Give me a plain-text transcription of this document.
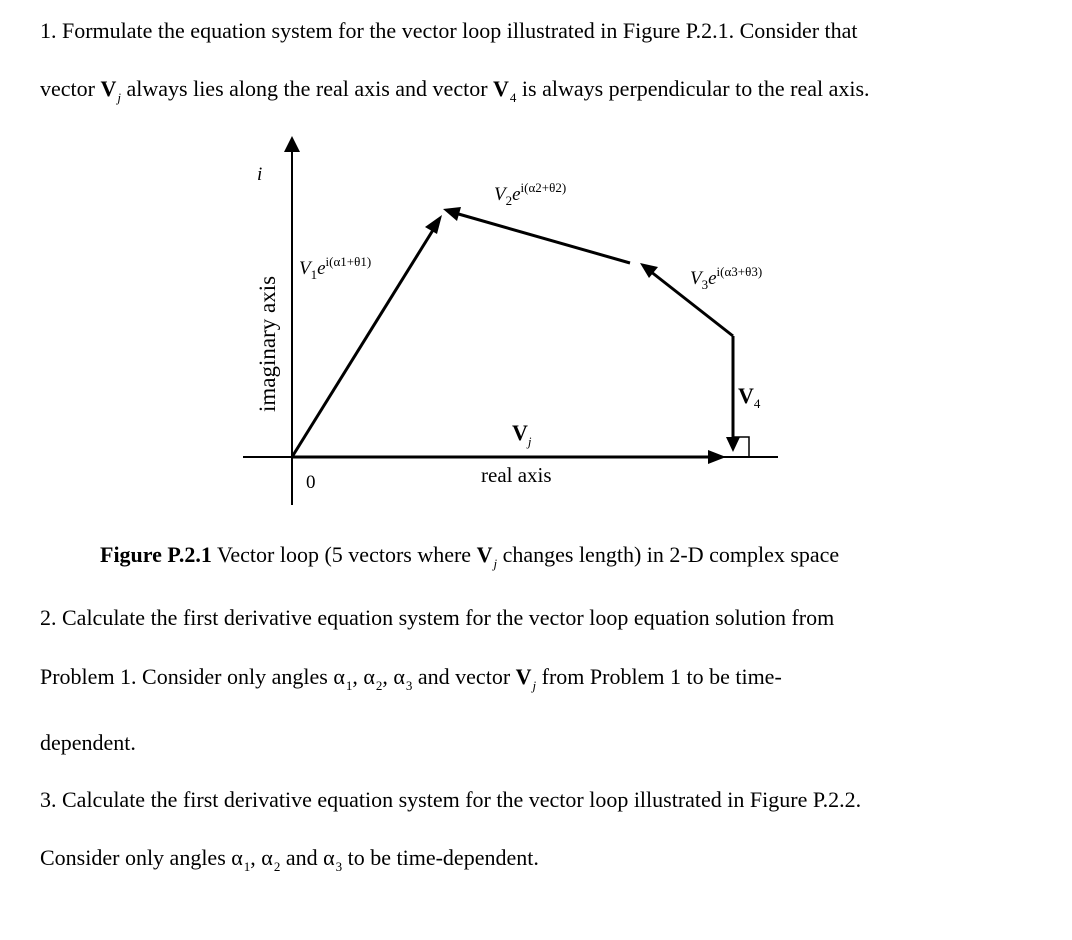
1. Formulate the equation system for the vector loop illustrated in Figure P.2.1. Consider that
vector $V_j$ always lies along the real axis and vector $V_4$ is always perpendicular to the real axis.
i
imaginary axis
0	real axis
$V_1e^{i(\alpha 1+\theta 1)}$
$V_2e^{i(\alpha 2+\theta 2)}$
$V_3e^{i(\alpha 3+\theta 3)}$
$V_4$
$V_j$
Figure P.2.1 Vector loop (5 vectors where $V_j$ changes length) in 2-D complex space
2. Calculate the first derivative equation system for the vector loop equation solution from
Problem 1. Consider only angles $\alpha_1$, $\alpha_2$, $\alpha_3$ and vector $V_j$ from Problem 1 to be time-
dependent.
3. Calculate the first derivative equation system for the vector loop illustrated in Figure P.2.2.
Consider only angles $\alpha_1$, $\alpha_2$ and $\alpha_3$ to be time-dependent.
